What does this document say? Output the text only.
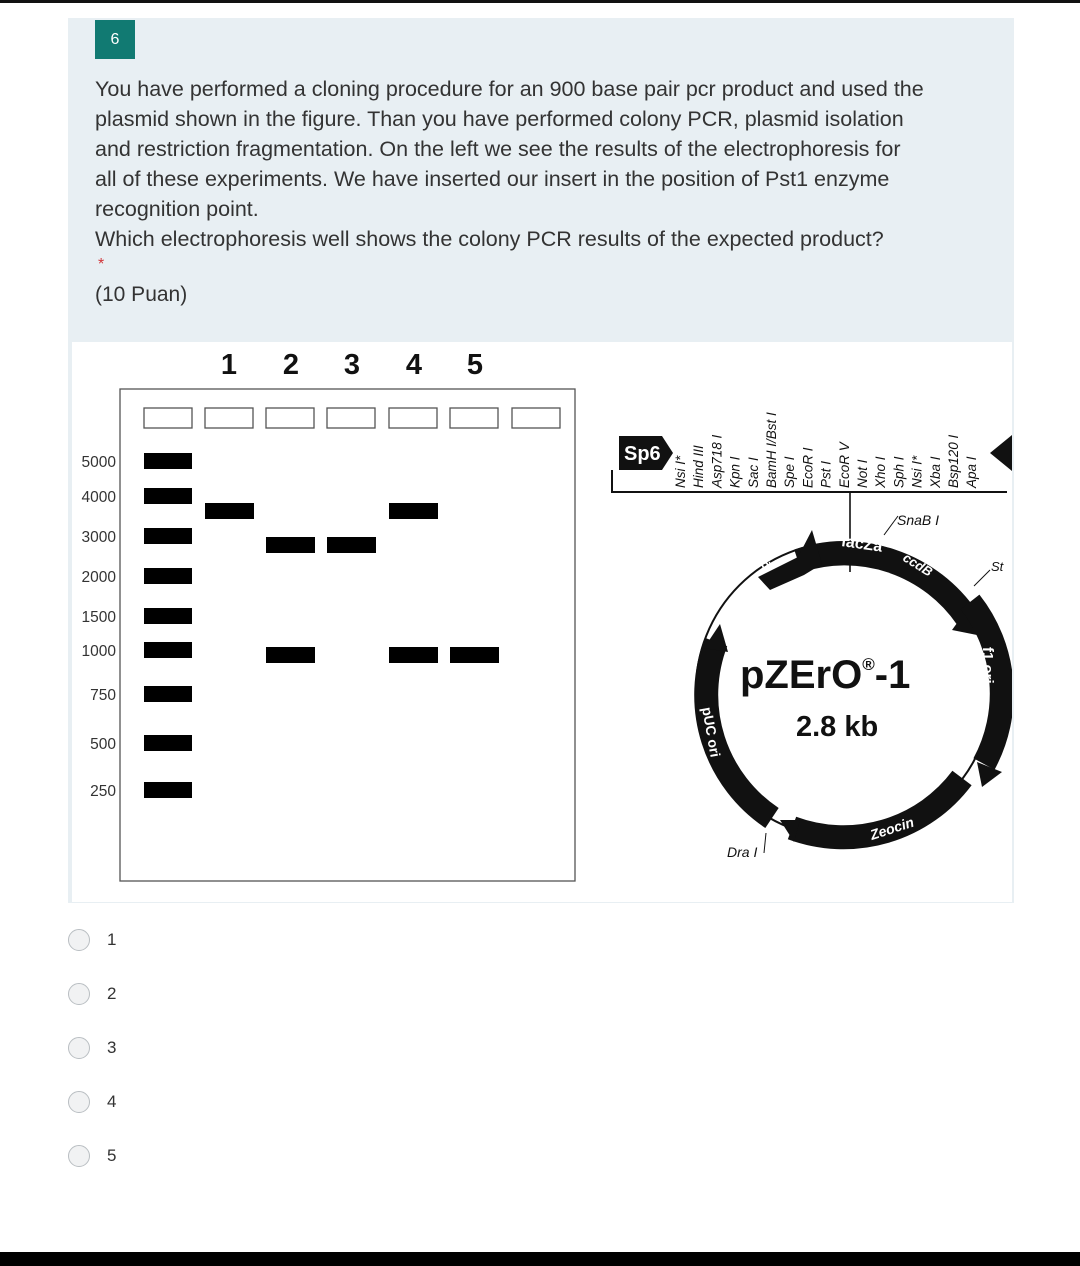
6

You have performed a cloning procedure for an 900 base pair pcr product and used the

plasmid shown in the figure. Than you have performed colony PCR, plasmid isolation

and restriction fragmentation. On the left we see the results of the electrophoresis for

all of these experiments. We have inserted our insert in the position of Pst1 enzyme

recognition point.

Which electrophoresis well shows the colony PCR results of the expected product?

*
(10 Puan)
1 2 3 4 5
5000
4000
3000
2000
1500
1000
750
500
250
Sp6
Nsi I* Hind III Asp718 I Kpn I Sac I BamH I/Bst I Spe I EcoR I Pst I EcoR V Not I Xho I Sph I Nsi I* Xba I Bsp120 I Apa I
lacZa
ccdB
Plac
f1 ori
Zeocin
pUC ori
SnaB I
St
Dra I
pZErO®-1
2.8 kb
1
2
3
4
5
